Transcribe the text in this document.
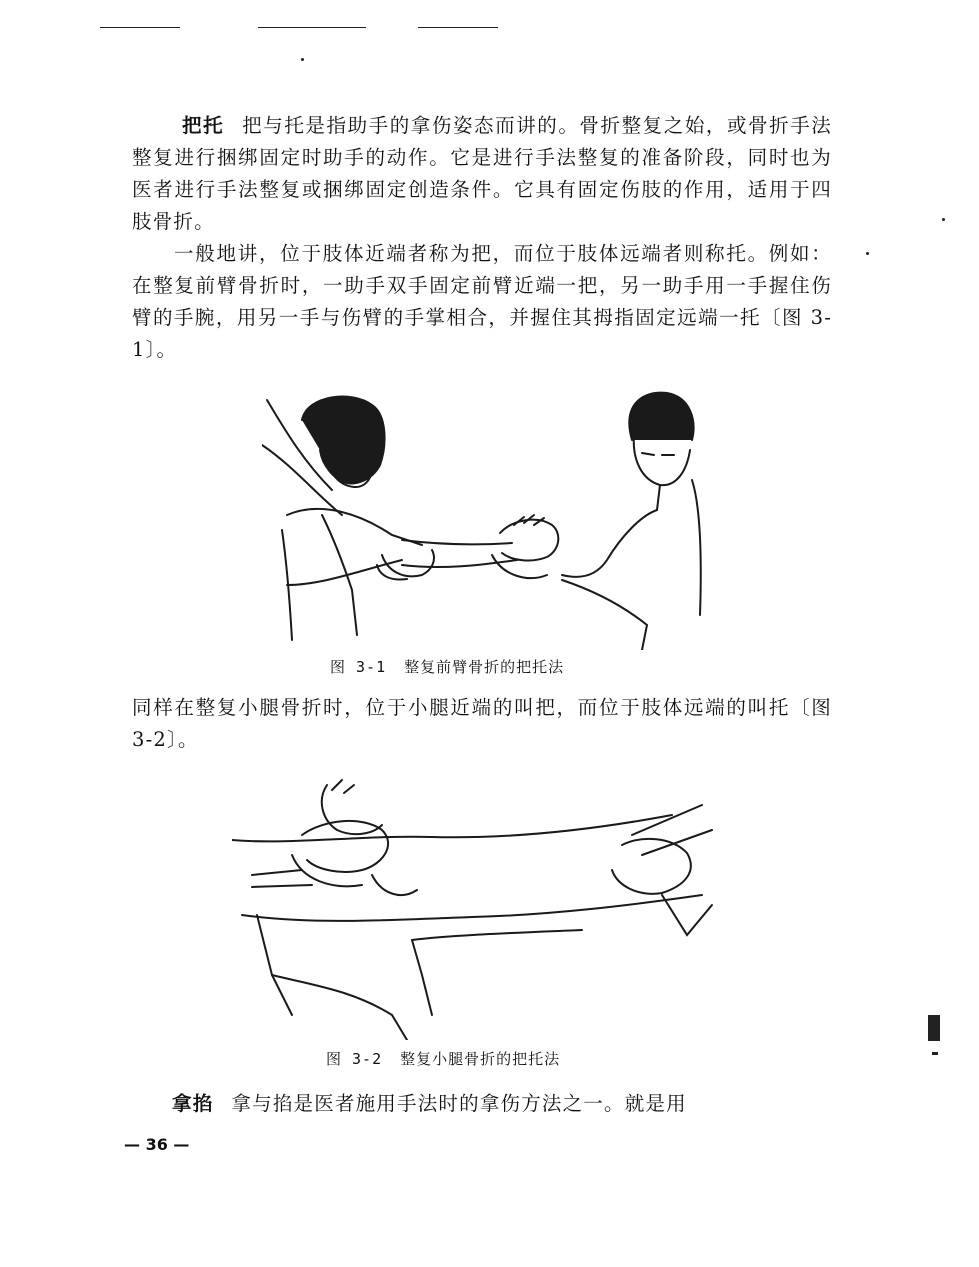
把托 把与托是指助手的拿伤姿态而讲的。骨折整复之始，或骨折手法整复进行捆绑固定时助手的动作。它是进行手法整复的准备阶段，同时也为医者进行手法整复或捆绑固定创造条件。它具有固定伤肢的作用，适用于四肢骨折。

一般地讲，位于肢体近端者称为把，而位于肢体远端者则称托。例如：在整复前臂骨折时，一助手双手固定前臂近端一把，另一助手用一手握住伤臂的手腕，用另一手与伤臂的手掌相合，并握住其拇指固定远端一托〔图 3-1〕。

图 3-1 整复前臂骨折的把托法

同样在整复小腿骨折时，位于小腿近端的叫把，而位于肢体远端的叫托〔图 3-2〕。

图 3-2 整复小腿骨折的把托法

拿掐 拿与掐是医者施用手法时的拿伤方法之一。就是用

— 36 —
